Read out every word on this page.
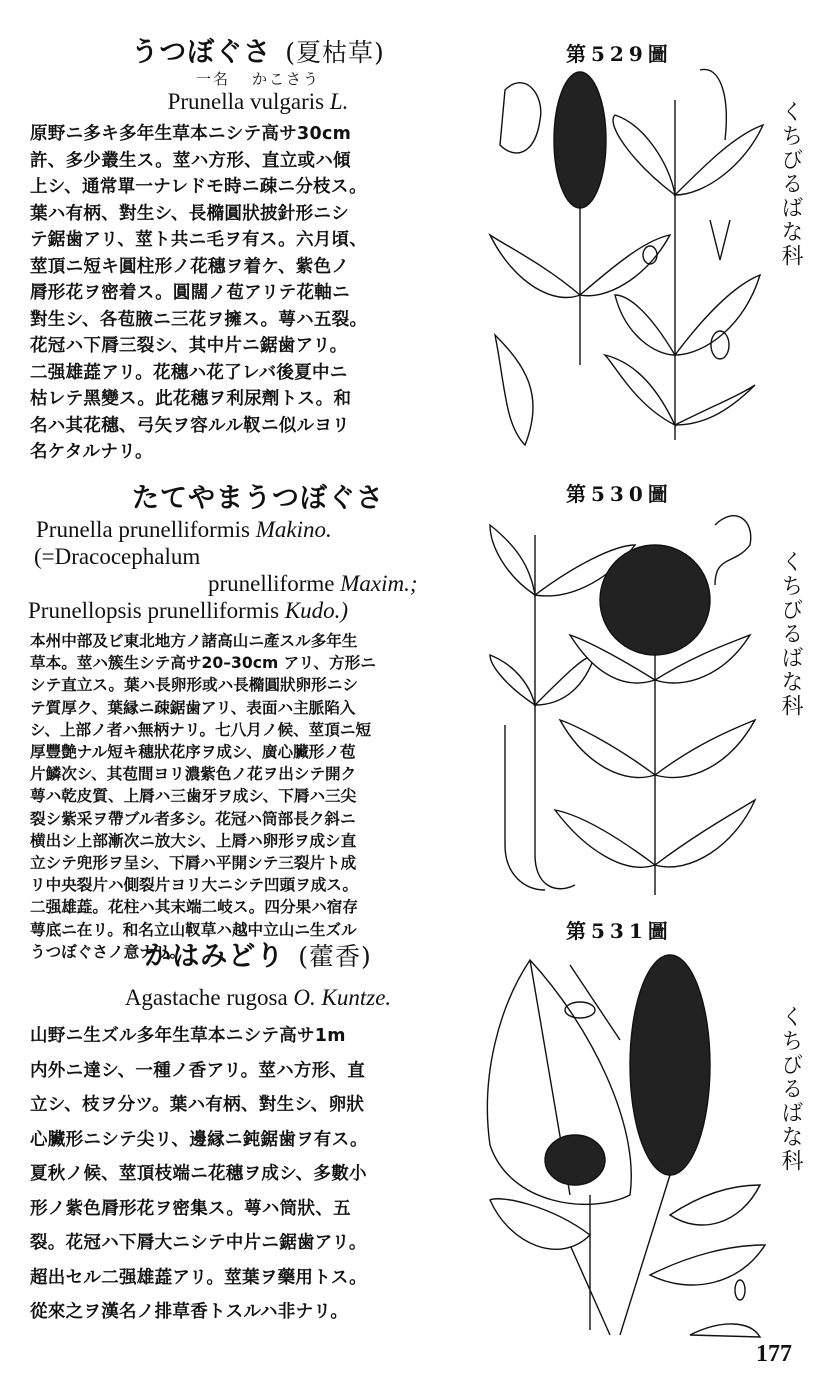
うつぼぐさ (夏枯草)
一名 かこさう
Prunella vulgaris L.
原野ニ多キ多年生草本ニシテ高サ30cm
許、多少叢生ス。莖ハ方形、直立或ハ傾
上シ、通常單一ナレドモ時ニ疎ニ分枝ス。
葉ハ有柄、對生シ、長橢圓狀披針形ニシ
テ鋸歯アリ、莖ト共ニ毛ヲ有ス。六月頃、
莖頂ニ短キ圓柱形ノ花穗ヲ着ケ、紫色ノ
脣形花ヲ密着ス。圓闊ノ苞アリテ花軸ニ
對生シ、各苞腋ニ三花ヲ擁ス。萼ハ五裂。
花冠ハ下脣三裂シ、其中片ニ鋸歯アリ。
二强雄蕋アリ。花穗ハ花了レバ後夏中ニ
枯レテ黑變ス。此花穗ヲ利尿劑トス。和
名ハ其花穗、弓矢ヲ容ルル靫ニ似ルヨリ
名ケタルナリ。
たてやまうつぼぐさ
Prunella prunelliformis Makino.
(=Dracocephalum
prunelliforme Maxim.;
Prunellopsis prunelliformis Kudo.)
本州中部及ビ東北地方ノ諸高山ニ產スル多年生
草本。莖ハ簇生シテ高サ20–30cm アリ、方形ニ
シテ直立ス。葉ハ長卵形或ハ長橢圓狀卵形ニシ
テ質厚ク、葉縁ニ疎鋸歯アリ、表面ハ主脈陷入
シ、上部ノ者ハ無柄ナリ。七八月ノ候、莖頂ニ短
厚豐艶ナル短キ穗狀花序ヲ成シ、廣心臟形ノ苞
片鱗次シ、其苞間ヨリ濃紫色ノ花ヲ出シテ開ク
萼ハ乾皮質、上脣ハ三歯牙ヲ成シ、下脣ハ三尖
裂シ紫采ヲ帶ブル者多シ。花冠ハ筒部長ク斜ニ
横出シ上部漸次ニ放大シ、上脣ハ卵形ヲ成シ直
立シテ兜形ヲ呈シ、下脣ハ平開シテ三裂片ト成
リ中央裂片ハ側裂片ヨリ大ニシテ凹頭ヲ成ス。
二强雄蕋。花柱ハ其末端二岐ス。四分果ハ宿存
萼底ニ在リ。和名立山靫草ハ越中立山ニ生ズル
うつぼぐさノ意ナリ。
かはみどり (藿香)
Agastache rugosa O. Kuntze.
山野ニ生ズル多年生草本ニシテ高サ1m
内外ニ達シ、一種ノ香アリ。莖ハ方形、直
立シ、枝ヲ分ツ。葉ハ有柄、對生シ、卵狀
心臟形ニシテ尖リ、邊縁ニ鈍鋸歯ヲ有ス。
夏秋ノ候、莖頂枝端ニ花穗ヲ成シ、多數小
形ノ紫色脣形花ヲ密集ス。萼ハ筒狀、五
裂。花冠ハ下脣大ニシテ中片ニ鋸歯アリ。
超出セル二强雄蕋アリ。莖葉ヲ藥用トス。
從來之ヲ漢名ノ排草香トスルハ非ナリ。
第529圖
第530圖
第531圖
くちびるばな科
くちびるばな科
くちびるばな科
177
